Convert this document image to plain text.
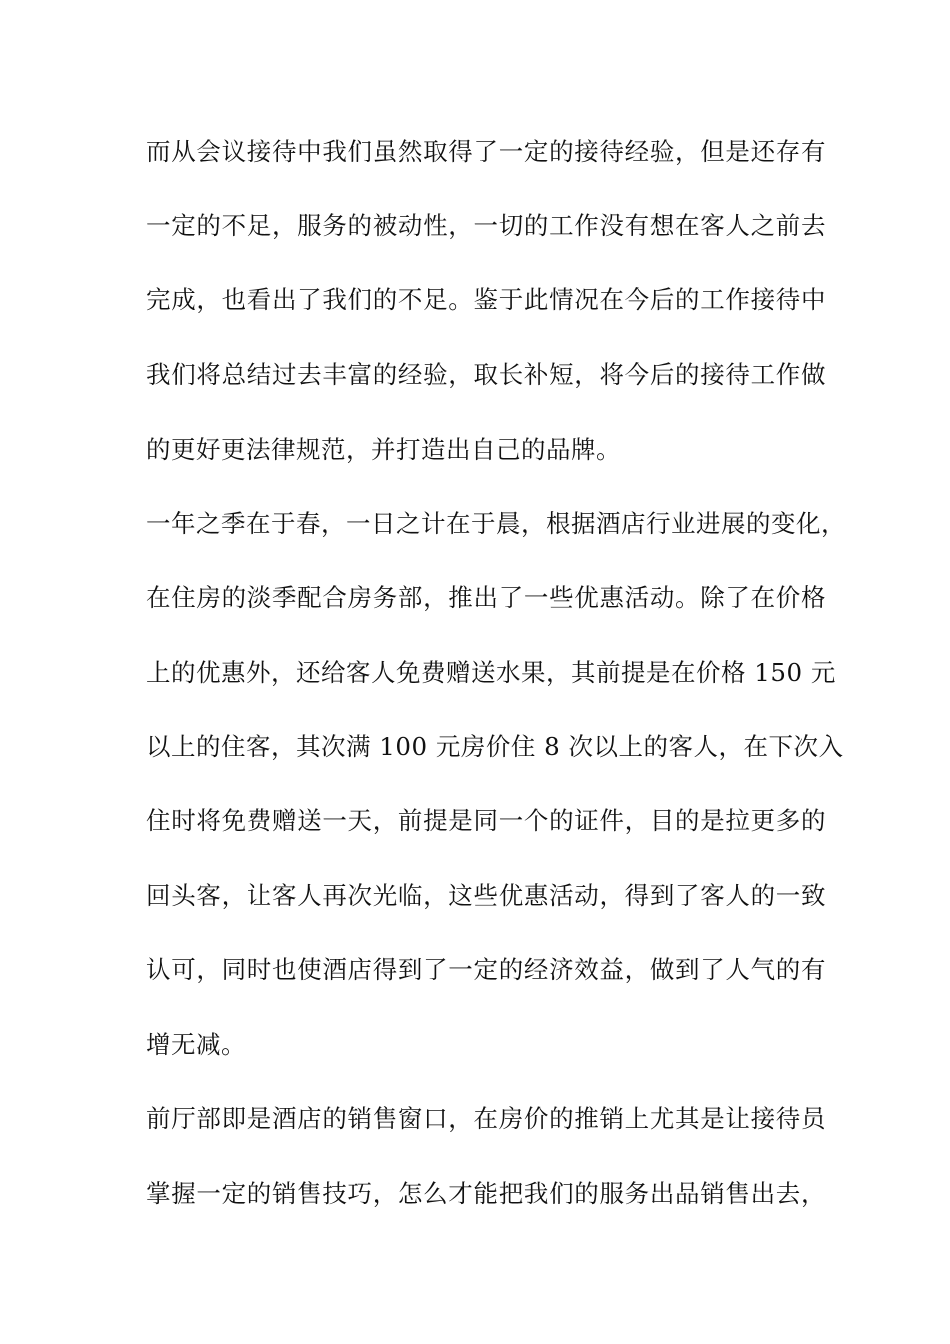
而从会议接待中我们虽然取得了一定的接待经验，但是还存有
一定的不足，服务的被动性，一切的工作没有想在客人之前去
完成，也看出了我们的不足。鉴于此情况在今后的工作接待中
我们将总结过去丰富的经验，取长补短，将今后的接待工作做
的更好更法律规范，并打造出自己的品牌。
一年之季在于春，一日之计在于晨，根据酒店行业进展的变化，
在住房的淡季配合房务部，推出了一些优惠活动。除了在价格
上的优惠外，还给客人免费赠送水果，其前提是在价格 150 元
以上的住客，其次满 100 元房价住 8 次以上的客人，在下次入
住时将免费赠送一天，前提是同一个的证件，目的是拉更多的
回头客，让客人再次光临，这些优惠活动，得到了客人的一致
认可，同时也使酒店得到了一定的经济效益，做到了人气的有
增无减。
前厅部即是酒店的销售窗口，在房价的推销上尤其是让接待员
掌握一定的销售技巧，怎么才能把我们的服务出品销售出去，
